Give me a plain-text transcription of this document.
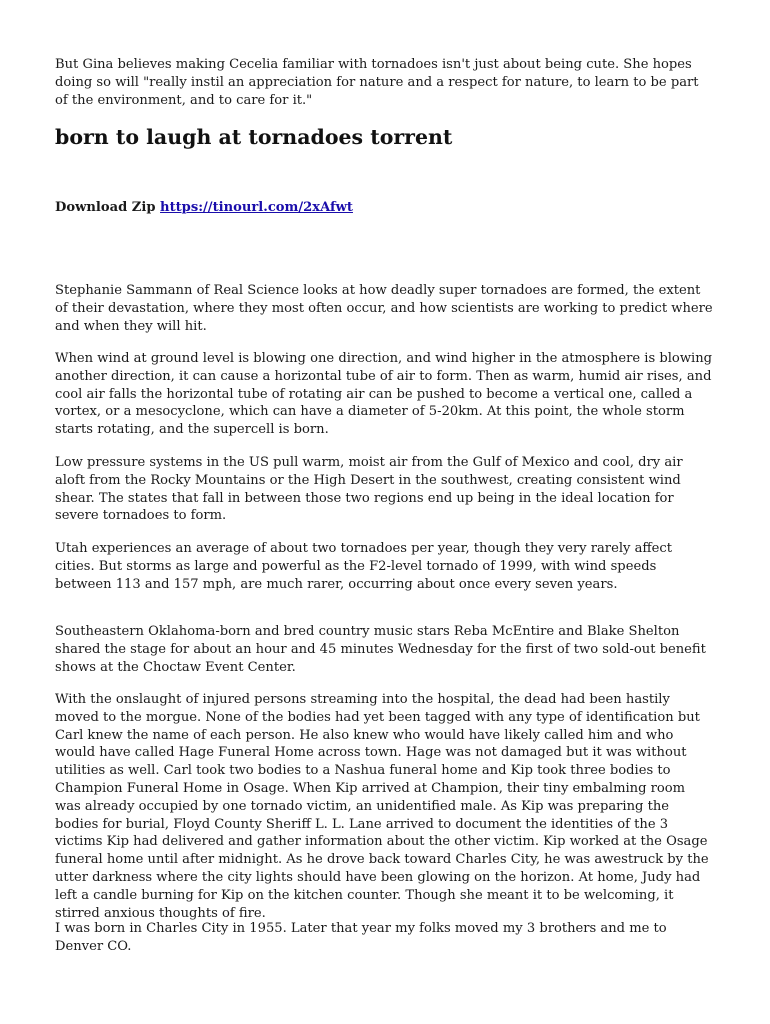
But Gina believes making Cecelia familiar with tornadoes isn't just about being cute. She hopes doing so will "really instil an appreciation for nature and a respect for nature, to learn to be part of the environment, and to care for it."

born to laugh at tornadoes torrent
Download Zip https://tinourl.com/2xAfwt

Stephanie Sammann of Real Science looks at how deadly super tornadoes are formed, the extent of their devastation, where they most often occur, and how scientists are working to predict where and when they will hit.

When wind at ground level is blowing one direction, and wind higher in the atmosphere is blowing another direction, it can cause a horizontal tube of air to form. Then as warm, humid air rises, and cool air falls the horizontal tube of rotating air can be pushed to become a vertical one, called a vortex, or a mesocyclone, which can have a diameter of 5-20km. At this point, the whole storm starts rotating, and the supercell is born.

Low pressure systems in the US pull warm, moist air from the Gulf of Mexico and cool, dry air aloft from the Rocky Mountains or the High Desert in the southwest, creating consistent wind shear. The states that fall in between those two regions end up being in the ideal location for severe tornadoes to form.

Utah experiences an average of about two tornadoes per year, though they very rarely affect cities. But storms as large and powerful as the F2-level tornado of 1999, with wind speeds between 113 and 157 mph, are much rarer, occurring about once every seven years.

Southeastern Oklahoma-born and bred country music stars Reba McEntire and Blake Shelton shared the stage for about an hour and 45 minutes Wednesday for the first of two sold-out benefit shows at the Choctaw Event Center.

With the onslaught of injured persons streaming into the hospital, the dead had been hastily moved to the morgue. None of the bodies had yet been tagged with any type of identification but Carl knew the name of each person. He also knew who would have likely called him and who would have called Hage Funeral Home across town. Hage was not damaged but it was without utilities as well. Carl took two bodies to a Nashua funeral home and Kip took three bodies to Champion Funeral Home in Osage. When Kip arrived at Champion, their tiny embalming room was already occupied by one tornado victim, an unidentified male. As Kip was preparing the bodies for burial, Floyd County Sheriff L. L. Lane arrived to document the identities of the 3 victims Kip had delivered and gather information about the other victim. Kip worked at the Osage funeral home until after midnight. As he drove back toward Charles City, he was awestruck by the utter darkness where the city lights should have been glowing on the horizon. At home, Judy had left a candle burning for Kip on the kitchen counter. Though she meant it to be welcoming, it stirred anxious thoughts of fire.

I was born in Charles City in 1955. Later that year my folks moved my 3 brothers and me to Denver CO.
